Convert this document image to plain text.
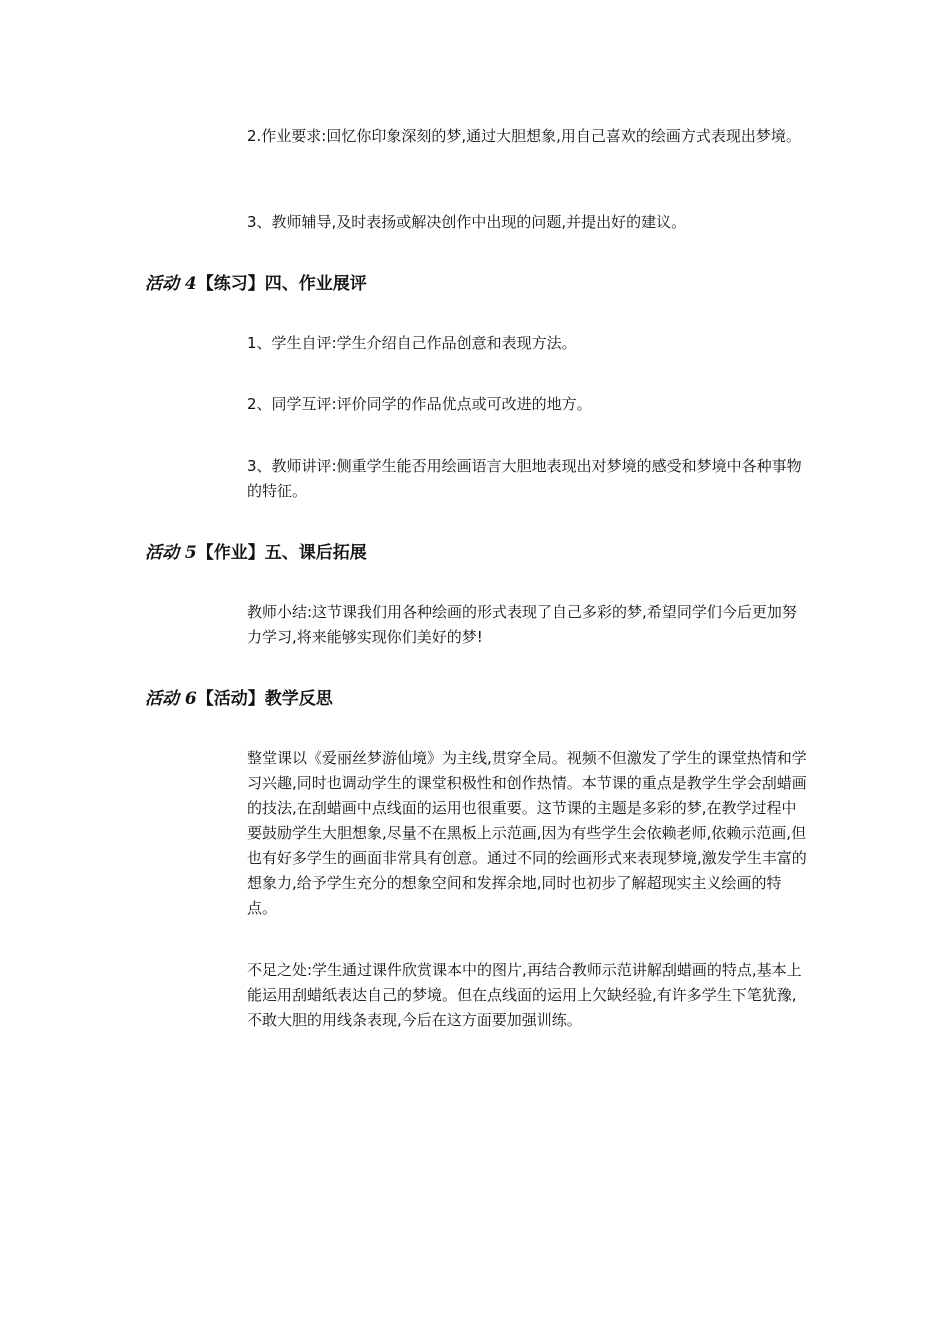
2.作业要求:回忆你印象深刻的梦,通过大胆想象,用自己喜欢的绘画方式表现出梦境。

3、教师辅导,及时表扬或解决创作中出现的问题,并提出好的建议。

活动 4【练习】四、作业展评

1、学生自评:学生介绍自己作品创意和表现方法。

2、同学互评:评价同学的作品优点或可改进的地方。

3、教师讲评:侧重学生能否用绘画语言大胆地表现出对梦境的感受和梦境中各种事物的特征。

活动 5【作业】五、课后拓展

教师小结:这节课我们用各种绘画的形式表现了自己多彩的梦,希望同学们今后更加努力学习,将来能够实现你们美好的梦!

活动 6【活动】教学反思

整堂课以《爱丽丝梦游仙境》为主线,贯穿全局。视频不但激发了学生的课堂热情和学习兴趣,同时也调动学生的课堂积极性和创作热情。本节课的重点是教学生学会刮蜡画的技法,在刮蜡画中点线面的运用也很重要。这节课的主题是多彩的梦,在教学过程中要鼓励学生大胆想象,尽量不在黑板上示范画,因为有些学生会依赖老师,依赖示范画,但也有好多学生的画面非常具有创意。通过不同的绘画形式来表现梦境,激发学生丰富的想象力,给予学生充分的想象空间和发挥余地,同时也初步了解超现实主义绘画的特点。

不足之处:学生通过课件欣赏课本中的图片,再结合教师示范讲解刮蜡画的特点,基本上能运用刮蜡纸表达自己的梦境。但在点线面的运用上欠缺经验,有许多学生下笔犹豫,不敢大胆的用线条表现,今后在这方面要加强训练。
